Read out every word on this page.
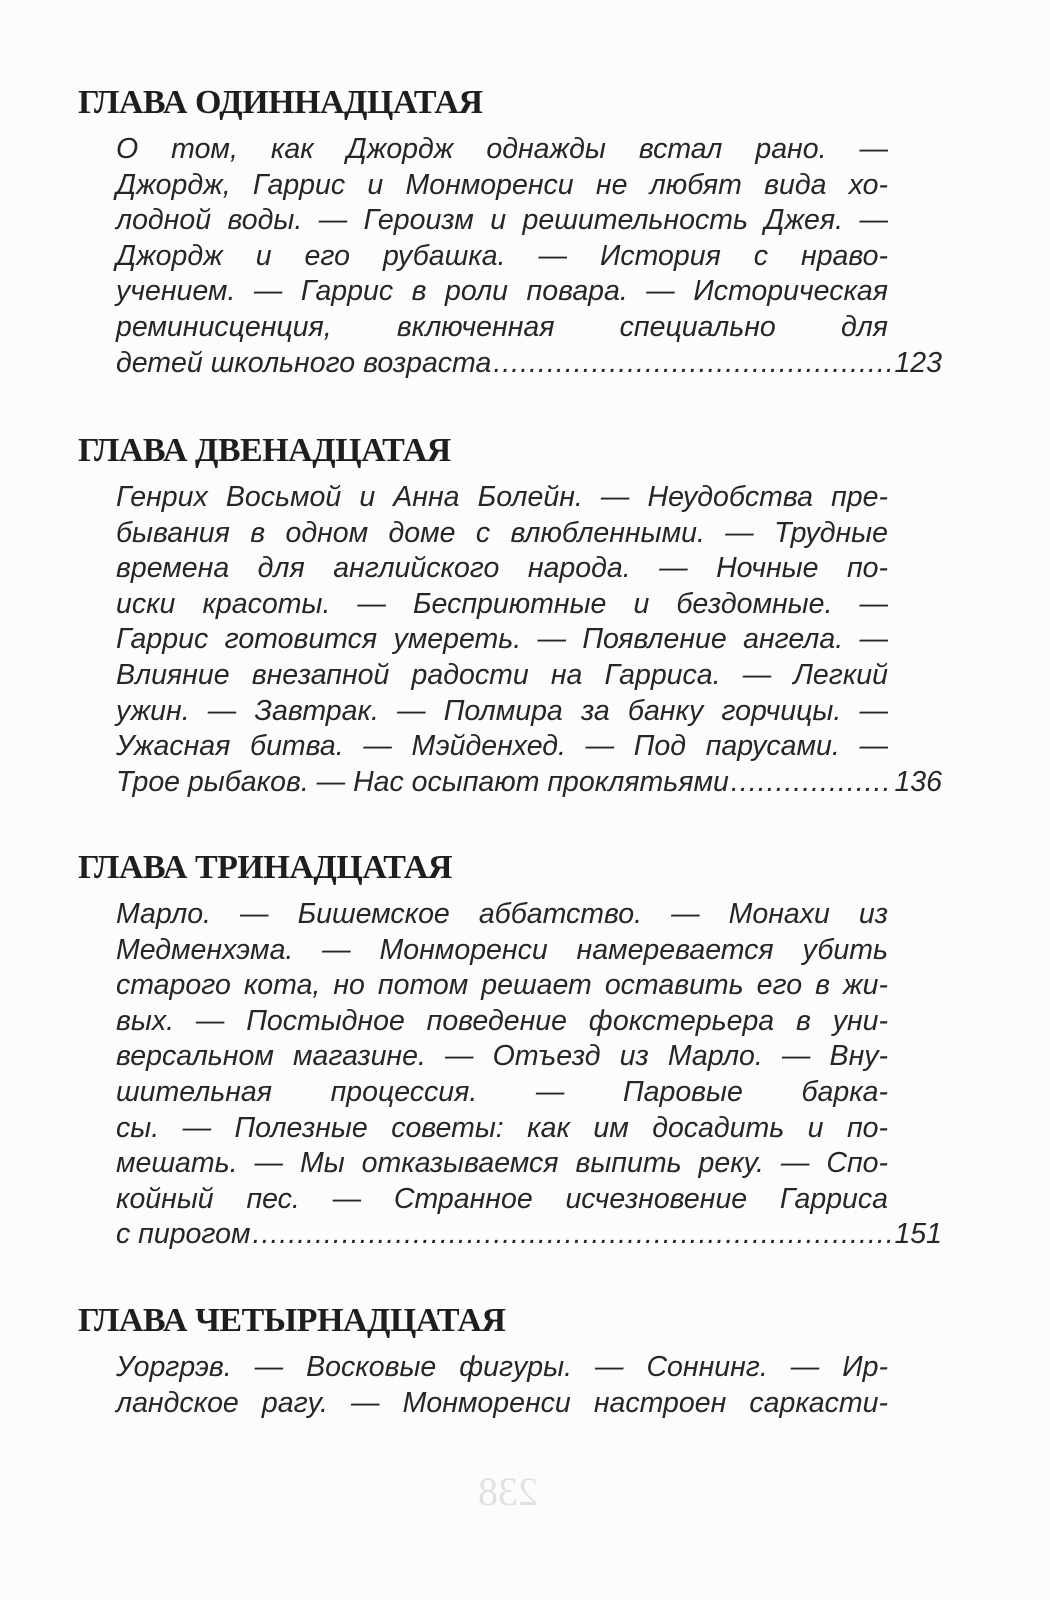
238
ГЛАВА ОДИННАДЦАТАЯ
О том, как Джордж однажды встал рано. —
Джордж, Гаррис и Монморенси не любят вида хо-
лодной воды. — Героизм и решительность Джея. —
Джордж и его рубашка. — История с нраво-
учением. — Гаррис в роли повара. — Историческая
реминисценция, включенная специально для
детей школьного возраста .....	123
ГЛАВА ДВЕНАДЦАТАЯ
Генрих Восьмой и Анна Болейн. — Неудобства пре-
бывания в одном доме с влюбленными. — Трудные
времена для английского народа. — Ночные по-
иски красоты. — Бесприютные и бездомные. —
Гаррис готовится умереть. — Появление ангела. —
Влияние внезапной радости на Гарриса. — Легкий
ужин. — Завтрак. — Полмира за банку горчицы. —
Ужасная битва. — Мэйденхед. — Под парусами. —
Трое рыбаков. — Нас осыпают проклятьями .....	136
ГЛАВА ТРИНАДЦАТАЯ
Марло. — Бишемское аббатство. — Монахи из
Медменхэма. — Монморенси намеревается убить
старого кота, но потом решает оставить его в жи-
вых. — Постыдное поведение фокстерьера в уни-
версальном магазине. — Отъезд из Марло. — Вну-
шительная процессия. — Паровые барка-
сы. — Полезные советы: как им досадить и по-
мешать. — Мы отказываемся выпить реку. — Спо-
койный пес. — Странное исчезновение Гарриса
с пирогом .....	151
ГЛАВА ЧЕТЫРНАДЦАТАЯ
Уоргрэв. — Восковые фигуры. — Соннинг. — Ир-
ландское рагу. — Монморенси настроен саркасти-
